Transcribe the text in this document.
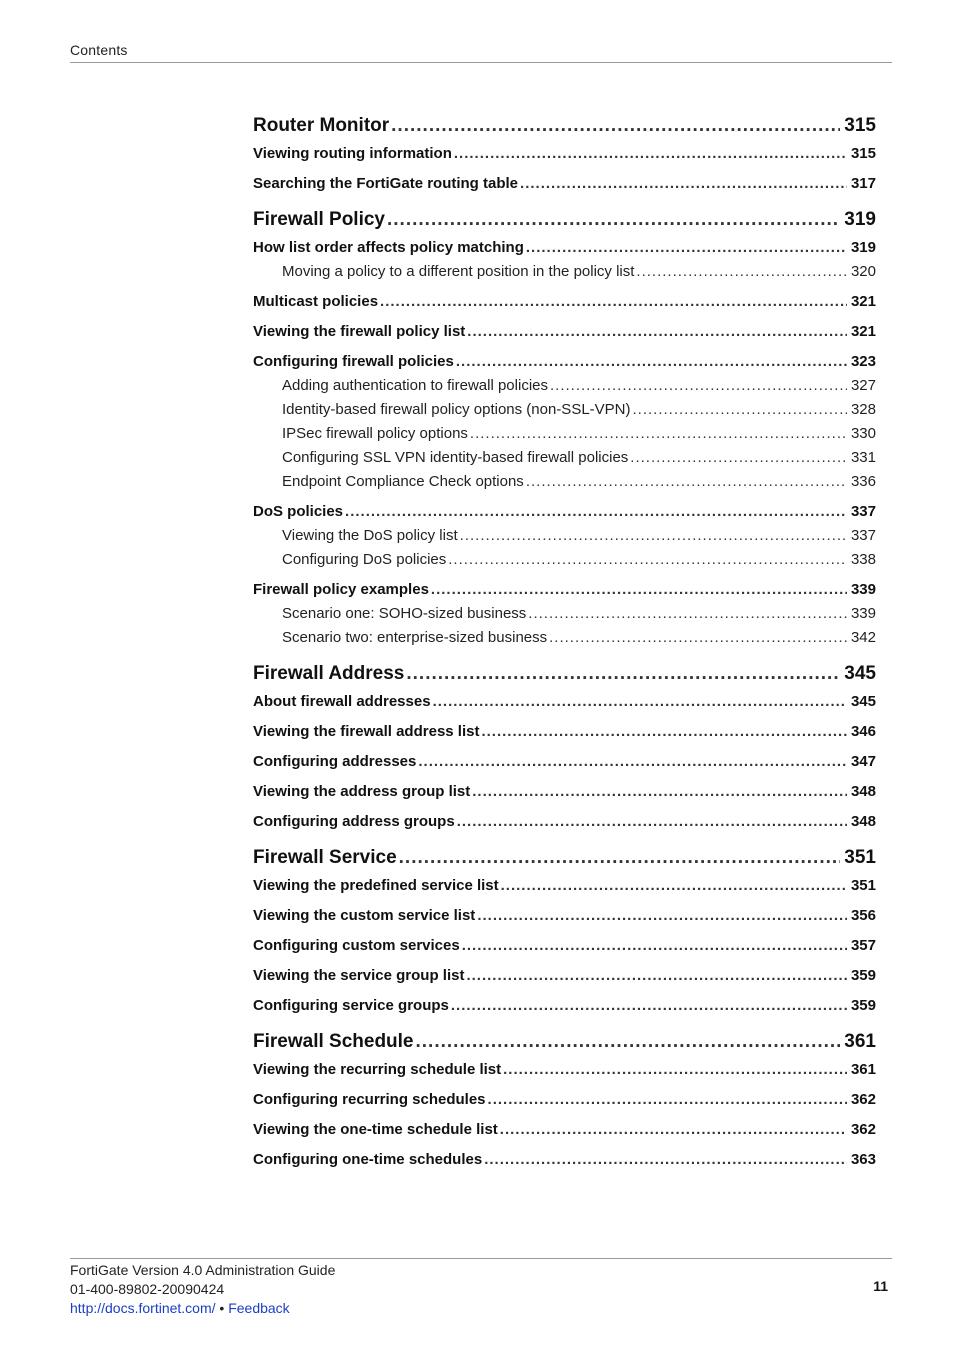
Contents
Router Monitor .....	315
Viewing routing information .....	315
Searching the FortiGate routing table .....	317
Firewall Policy .....	319
How list order affects policy matching .....	319
Moving a policy to a different position in the policy list .....	320
Multicast policies .....	321
Viewing the firewall policy list .....	321
Configuring firewall policies .....	323
Adding authentication to firewall policies .....	327
Identity-based firewall policy options (non-SSL-VPN) .....	328
IPSec firewall policy options .....	330
Configuring SSL VPN identity-based firewall policies .....	331
Endpoint Compliance Check options .....	336
DoS policies .....	337
Viewing the DoS policy list .....	337
Configuring DoS policies .....	338
Firewall policy examples .....	339
Scenario one: SOHO-sized business .....	339
Scenario two: enterprise-sized business .....	342
Firewall Address .....	345
About firewall addresses .....	345
Viewing the firewall address list .....	346
Configuring addresses .....	347
Viewing the address group list .....	348
Configuring address groups .....	348
Firewall Service .....	351
Viewing the predefined service list .....	351
Viewing the custom service list .....	356
Configuring custom services .....	357
Viewing the service group list .....	359
Configuring service groups .....	359
Firewall Schedule .....	361
Viewing the recurring schedule list .....	361
Configuring recurring schedules .....	362
Viewing the one-time schedule list .....	362
Configuring one-time schedules .....	363
FortiGate Version 4.0 Administration Guide
01-400-89802-20090424
http://docs.fortinet.com/ • Feedback
11
